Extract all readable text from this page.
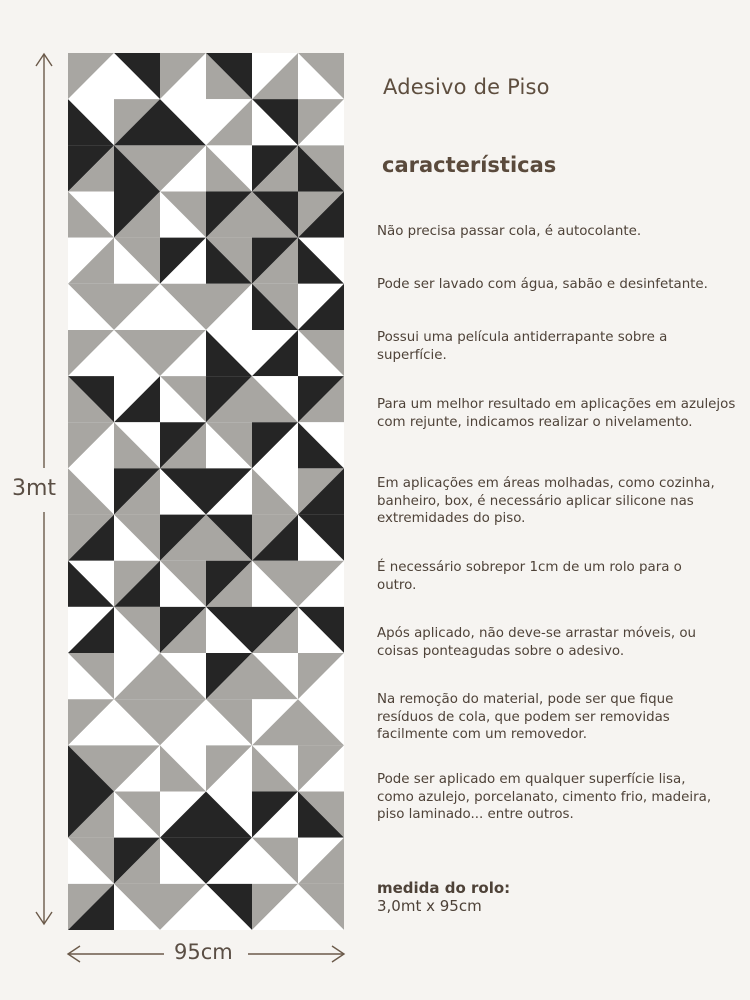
3mt
95cm
Adesivo de Piso
características

Não precisa passar cola, é autocolante.

Pode ser lavado com água, sabão e desinfetante.

Possui uma película antiderrapante sobre a superfície.

Para um melhor resultado em aplicações em azulejos com rejunte, indicamos realizar o nivelamento.

Em aplicações em áreas molhadas, como cozinha, banheiro, box, é necessário aplicar silicone nas extremidades do piso.

É necessário sobrepor 1cm de um rolo para o outro.

Após aplicado, não deve-se arrastar móveis, ou coisas ponteagudas sobre o adesivo.

Na remoção do material, pode ser que fique resíduos de cola, que podem ser removidas facilmente com um removedor.

Pode ser aplicado em qualquer superfície lisa, como azulejo, porcelanato, cimento frio, madeira, piso laminado... entre outros.

medida do rolo:
3,0mt x 95cm
